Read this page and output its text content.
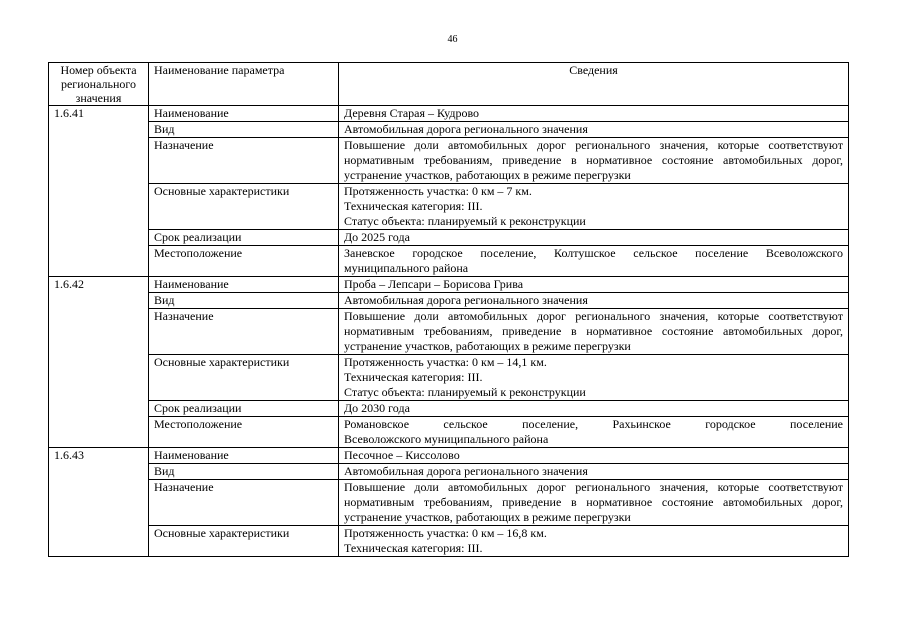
46
Номер объекта регионального значения	Наименование параметра	Сведения
1.6.41	Наименование	Деревня Старая – Кудрово
	Вид	Автомобильная дорога регионального значения
	Назначение	Повышение доли автомобильных дорог регионального значения, которые соответствуют нормативным требованиям, приведение в нормативное состояние автомобильных дорог, устранение участков, работающих в режиме перегрузки
	Основные характеристики	Протяженность участка: 0 км – 7 км.
Техническая категория: III.
Статус объекта: планируемый к реконструкции

	Срок реализации	До 2025 года
	Местоположение	Заневское городское поселение, Колтушское сельское поселение Всеволожского муниципального района
1.6.42	Наименование	Проба – Лепсари – Борисова Грива
	Вид	Автомобильная дорога регионального значения
	Назначение	Повышение доли автомобильных дорог регионального значения, которые соответствуют нормативным требованиям, приведение в нормативное состояние автомобильных дорог, устранение участков, работающих в режиме перегрузки
	Основные характеристики	Протяженность участка: 0 км – 14,1 км.
Техническая категория: III.
Статус объекта: планируемый к реконструкции

	Срок реализации	До 2030 года
	Местоположение	Романовское сельское поселение, Рахьинское городское поселение
Всеволожского муниципального района

1.6.43	Наименование	Песочное – Киссолово
	Вид	Автомобильная дорога регионального значения
	Назначение	Повышение доли автомобильных дорог регионального значения, которые соответствуют нормативным требованиям, приведение в нормативное состояние автомобильных дорог, устранение участков, работающих в режиме перегрузки
	Основные характеристики	Протяженность участка: 0 км – 16,8 км.
Техническая категория: III.
